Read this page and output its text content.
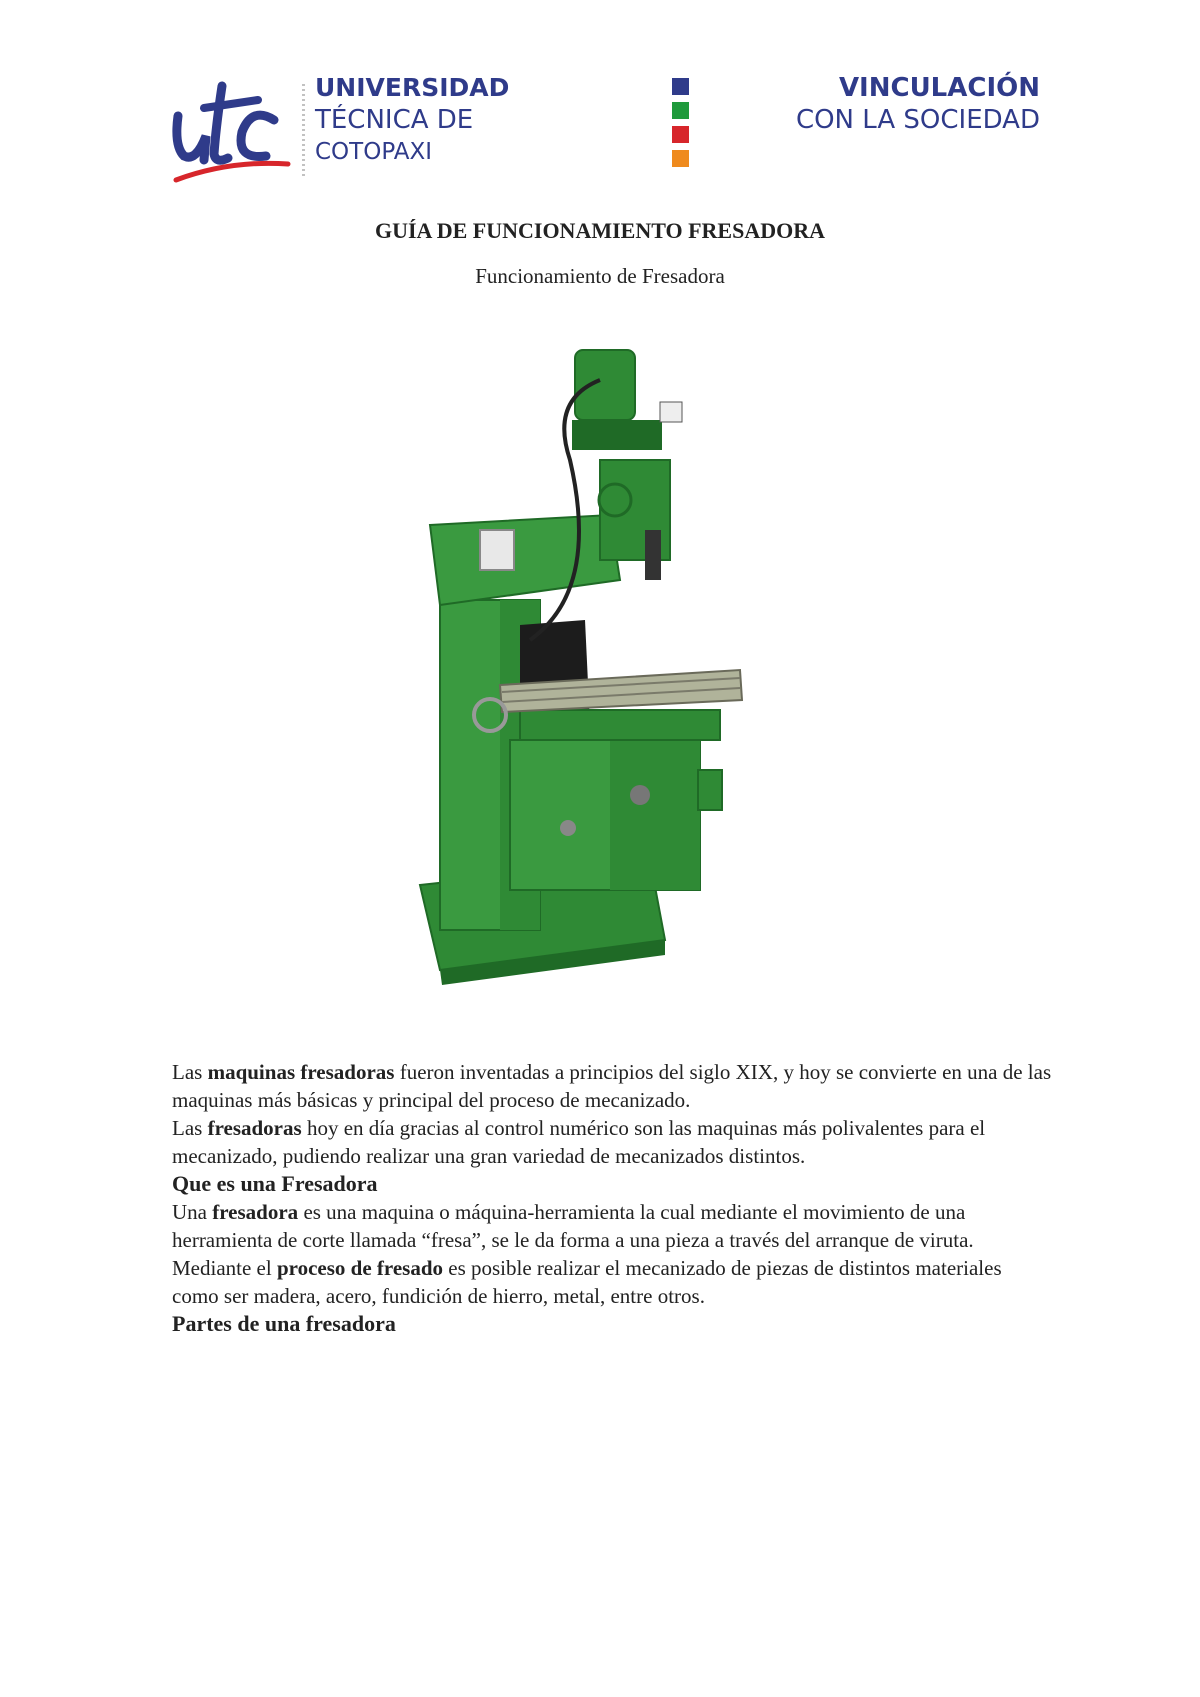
UNIVERSIDAD
TÉCNICA DE
COTOPAXI
VINCULACIÓN
CON LA SOCIEDAD
GUÍA DE FUNCIONAMIENTO FRESADORA
Funcionamiento de Fresadora

Las maquinas fresadoras fueron inventadas a principios del siglo XIX, y hoy se convierte en una de las maquinas más básicas y principal del proceso de mecanizado.

Las fresadoras hoy en día gracias al control numérico son las maquinas más polivalentes para el mecanizado, pudiendo realizar una gran variedad de mecanizados distintos.

Que es una Fresadora

Una fresadora es una maquina o máquina-herramienta la cual mediante el movimiento de una herramienta de corte llamada “fresa”, se le da forma a una pieza a través del arranque de viruta.

Mediante el proceso de fresado es posible realizar el mecanizado de piezas de distintos materiales como ser madera, acero, fundición de hierro, metal, entre otros.

Partes de una fresadora
